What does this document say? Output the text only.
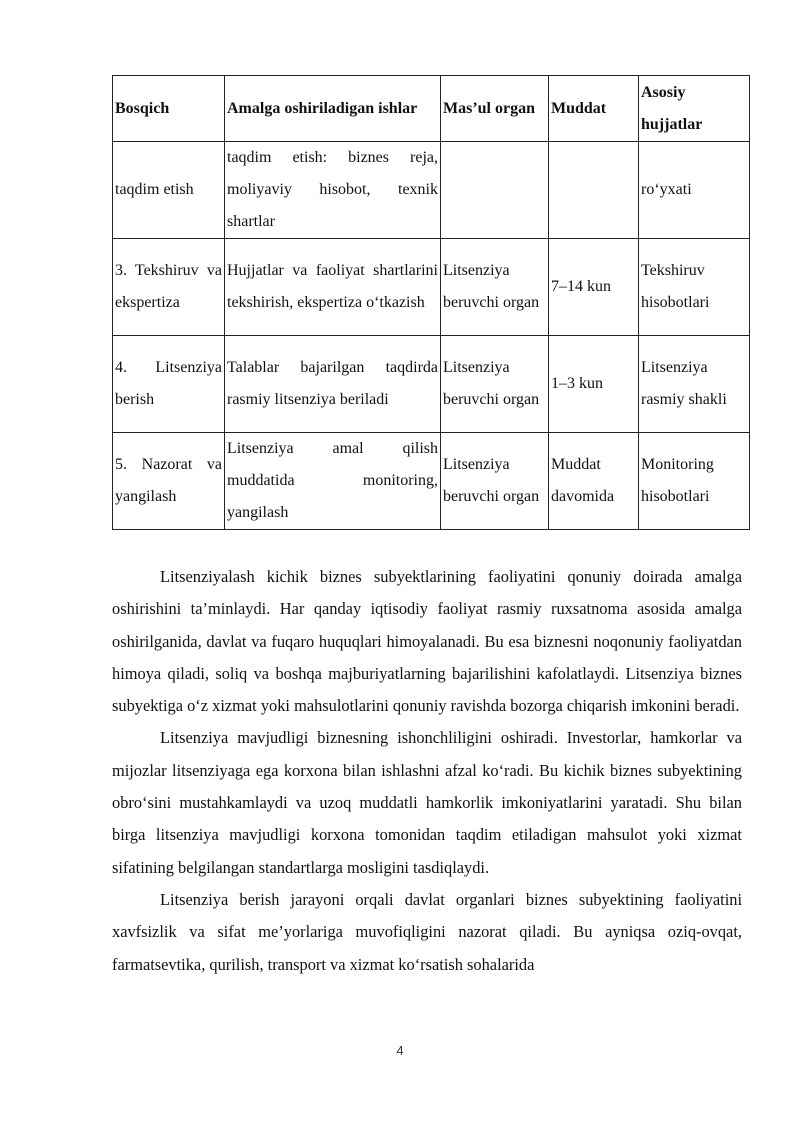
Bosqich	Amalga oshiriladigan ishlar	Mas’ul organ	Muddat	Asosiy hujjatlar
taqdim etish	taqdim etish: biznes reja, moliyaviy hisobot, texnik shartlar			ro‘yxati
3. Tekshiruv va ekspertiza	Hujjatlar va faoliyat shartlarini tekshirish, ekspertiza o‘tkazish	Litsenziya beruvchi organ	7–14 kun	Tekshiruv hisobotlari
4. Litsenziya berish	Talablar bajarilgan taqdirda rasmiy litsenziya beriladi	Litsenziya beruvchi organ	1–3 kun	Litsenziya rasmiy shakli
5. Nazorat va yangilash	Litsenziya amal qilish muddatida monitoring, yangilash	Litsenziya beruvchi organ	Muddat davomida	Monitoring hisobotlari

Litsenziyalash kichik biznes subyektlarining faoliyatini qonuniy doirada amalga oshirishini ta’minlaydi. Har qanday iqtisodiy faoliyat rasmiy ruxsatnoma asosida amalga oshirilganida, davlat va fuqaro huquqlari himoyalanadi. Bu esa biznesni noqonuniy faoliyatdan himoya qiladi, soliq va boshqa majburiyatlarning bajarilishini kafolatlaydi. Litsenziya biznes subyektiga o‘z xizmat yoki mahsulotlarini qonuniy ravishda bozorga chiqarish imkonini beradi.

Litsenziya mavjudligi biznesning ishonchliligini oshiradi. Investorlar, hamkorlar va mijozlar litsenziyaga ega korxona bilan ishlashni afzal ko‘radi. Bu kichik biznes subyektining obro‘sini mustahkamlaydi va uzoq muddatli hamkorlik imkoniyatlarini yaratadi. Shu bilan birga litsenziya mavjudligi korxona tomonidan taqdim etiladigan mahsulot yoki xizmat sifatining belgilangan standartlarga mosligini tasdiqlaydi.

Litsenziya berish jarayoni orqali davlat organlari biznes subyektining faoliyatini xavfsizlik va sifat me’yorlariga muvofiqligini nazorat qiladi. Bu ayniqsa oziq-ovqat, farmatsevtika, qurilish, transport va xizmat ko‘rsatish sohalarida

4
